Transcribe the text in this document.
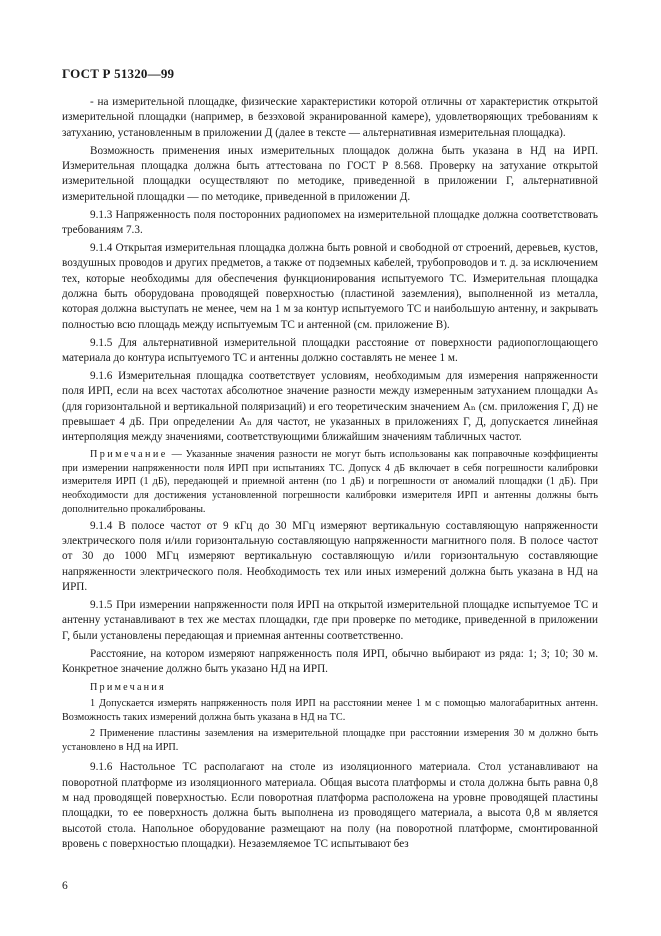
ГОСТ Р 51320—99

- на измерительной площадке, физические характеристики которой отличны от характеристик открытой измерительной площадки (например, в безэховой экранированной камере), удовлетворяющих требованиям к затуханию, установленным в приложении Д (далее в тексте — альтернативная измерительная площадка).

Возможность применения иных измерительных площадок должна быть указана в НД на ИРП. Измерительная площадка должна быть аттестована по ГОСТ Р 8.568. Проверку на затухание открытой измерительной площадки осуществляют по методике, приведенной в приложении Г, альтернативной измерительной площадки — по методике, приведенной в приложении Д.

9.1.3 Напряженность поля посторонних радиопомех на измерительной площадке должна соответствовать требованиям 7.3.

9.1.4 Открытая измерительная площадка должна быть ровной и свободной от строений, деревьев, кустов, воздушных проводов и других предметов, а также от подземных кабелей, трубопроводов и т. д. за исключением тех, которые необходимы для обеспечения функционирования испытуемого ТС. Измерительная площадка должна быть оборудована проводящей поверхностью (пластиной заземления), выполненной из металла, которая должна выступать не менее, чем на 1 м за контур испытуемого ТС и наибольшую антенну, и закрывать полностью всю площадь между испытуемым ТС и антенной (см. приложение В).

9.1.5 Для альтернативной измерительной площадки расстояние от поверхности радиопоглощающего материала до контура испытуемого ТС и антенны должно составлять не менее 1 м.

9.1.6 Измерительная площадка соответствует условиям, необходимым для измерения напряженности поля ИРП, если на всех частотах абсолютное значение разности между измеренным затуханием площадки Aₛ (для горизонтальной и вертикальной поляризаций) и его теоретическим значением Aₙ (см. приложения Г, Д) не превышает 4 дБ. При определении Aₙ для частот, не указанных в приложениях Г, Д, допускается линейная интерполяция между значениями, соответствующими ближайшим значениям табличных частот.

Примечание — Указанные значения разности не могут быть использованы как поправочные коэффициенты при измерении напряженности поля ИРП при испытаниях ТС. Допуск 4 дБ включает в себя погрешности калибровки измерителя ИРП (1 дБ), передающей и приемной антенн (по 1 дБ) и погрешности от аномалий площадки (1 дБ). При необходимости для достижения установленной погрешности калибровки измерителя ИРП и антенны должны быть дополнительно прокалиброваны.

9.1.4 В полосе частот от 9 кГц до 30 МГц измеряют вертикальную составляющую напряженности электрического поля и/или горизонтальную составляющую напряженности магнитного поля. В полосе частот от 30 до 1000 МГц измеряют вертикальную составляющую и/или горизонтальную составляющие напряженности электрического поля. Необходимость тех или иных измерений должна быть указана в НД на ИРП.

9.1.5 При измерении напряженности поля ИРП на открытой измерительной площадке испытуемое ТС и антенну устанавливают в тех же местах площадки, где при проверке по методике, приведенной в приложении Г, были установлены передающая и приемная антенны соответственно.

Расстояние, на котором измеряют напряженность поля ИРП, обычно выбирают из ряда: 1; 3; 10; 30 м. Конкретное значение должно быть указано НД на ИРП.

Примечания

1 Допускается измерять напряженность поля ИРП на расстоянии менее 1 м с помощью малогабаритных антенн. Возможность таких измерений должна быть указана в НД на ТС.

2 Применение пластины заземления на измерительной площадке при расстоянии измерения 30 м должно быть установлено в НД на ИРП.

9.1.6 Настольное ТС располагают на столе из изоляционного материала. Стол устанавливают на поворотной платформе из изоляционного материала. Общая высота платформы и стола должна быть равна 0,8 м над проводящей поверхностью. Если поворотная платформа расположена на уровне проводящей пластины площадки, то ее поверхность должна быть выполнена из проводящего материала, а высота 0,8 м является высотой стола. Напольное оборудование размещают на полу (на поворотной платформе, смонтированной вровень с поверхностью площадки). Незаземляемое ТС испытывают без

6
